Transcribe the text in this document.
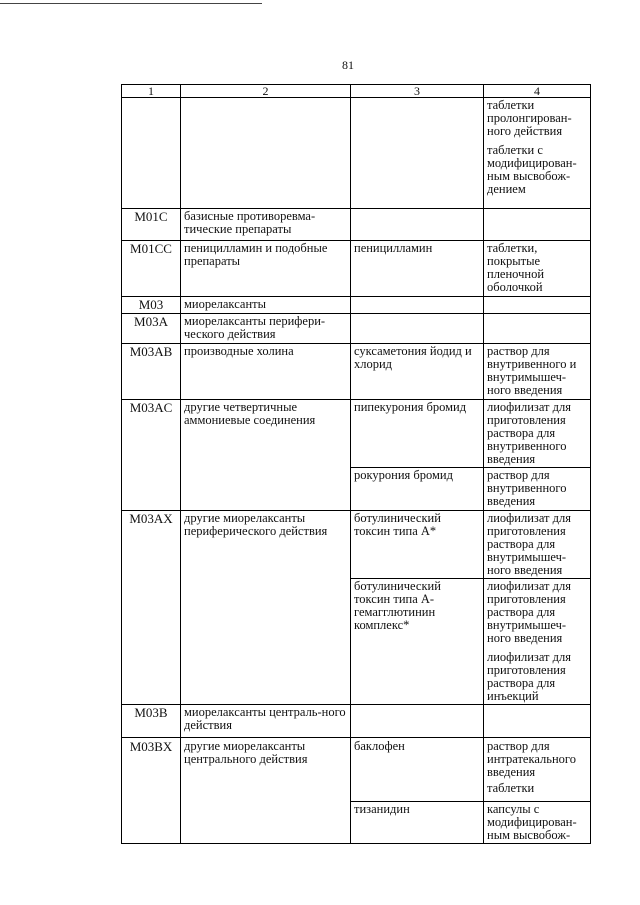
81
1	2	3	4

			таблетки пролонгирован-ного действия
таблетки с модифицирован-ным высвобож-дением

M01C	базисные противоревма-тические препараты		
M01CC	пеницилламин и подобные препараты	пеницилламин	таблетки, покрытые пленочной оболочкой
M03	миорелаксанты		
M03A	миорелаксанты перифери-ческого действия		
M03AB	производные холина	суксаметония йодид и хлорид	раствор для внутривенного и внутримышеч-ного введения
M03AC	другие четвертичные аммониевые соединения	пипекурония бромид	лиофилизат для приготовления раствора для внутривенного введения
		рокурония бромид	раствор для внутривенного введения
M03AX	другие миорелаксанты периферического действия	ботулинический токсин типа A*	лиофилизат для приготовления раствора для внутримышеч-ного введения
		ботулинический токсин типа A-гемагглютинин комплекс*	лиофилизат для приготовления раствора для внутримышеч-ного введения
лиофилизат для приготовления раствора для инъекций

M03B	миорелаксанты централь-ного действия		
M03BX	другие миорелаксанты центрального действия	баклофен	раствор для интратекального введения
таблетки

		тизанидин	капсулы с модифицирован-ным высвобож-
